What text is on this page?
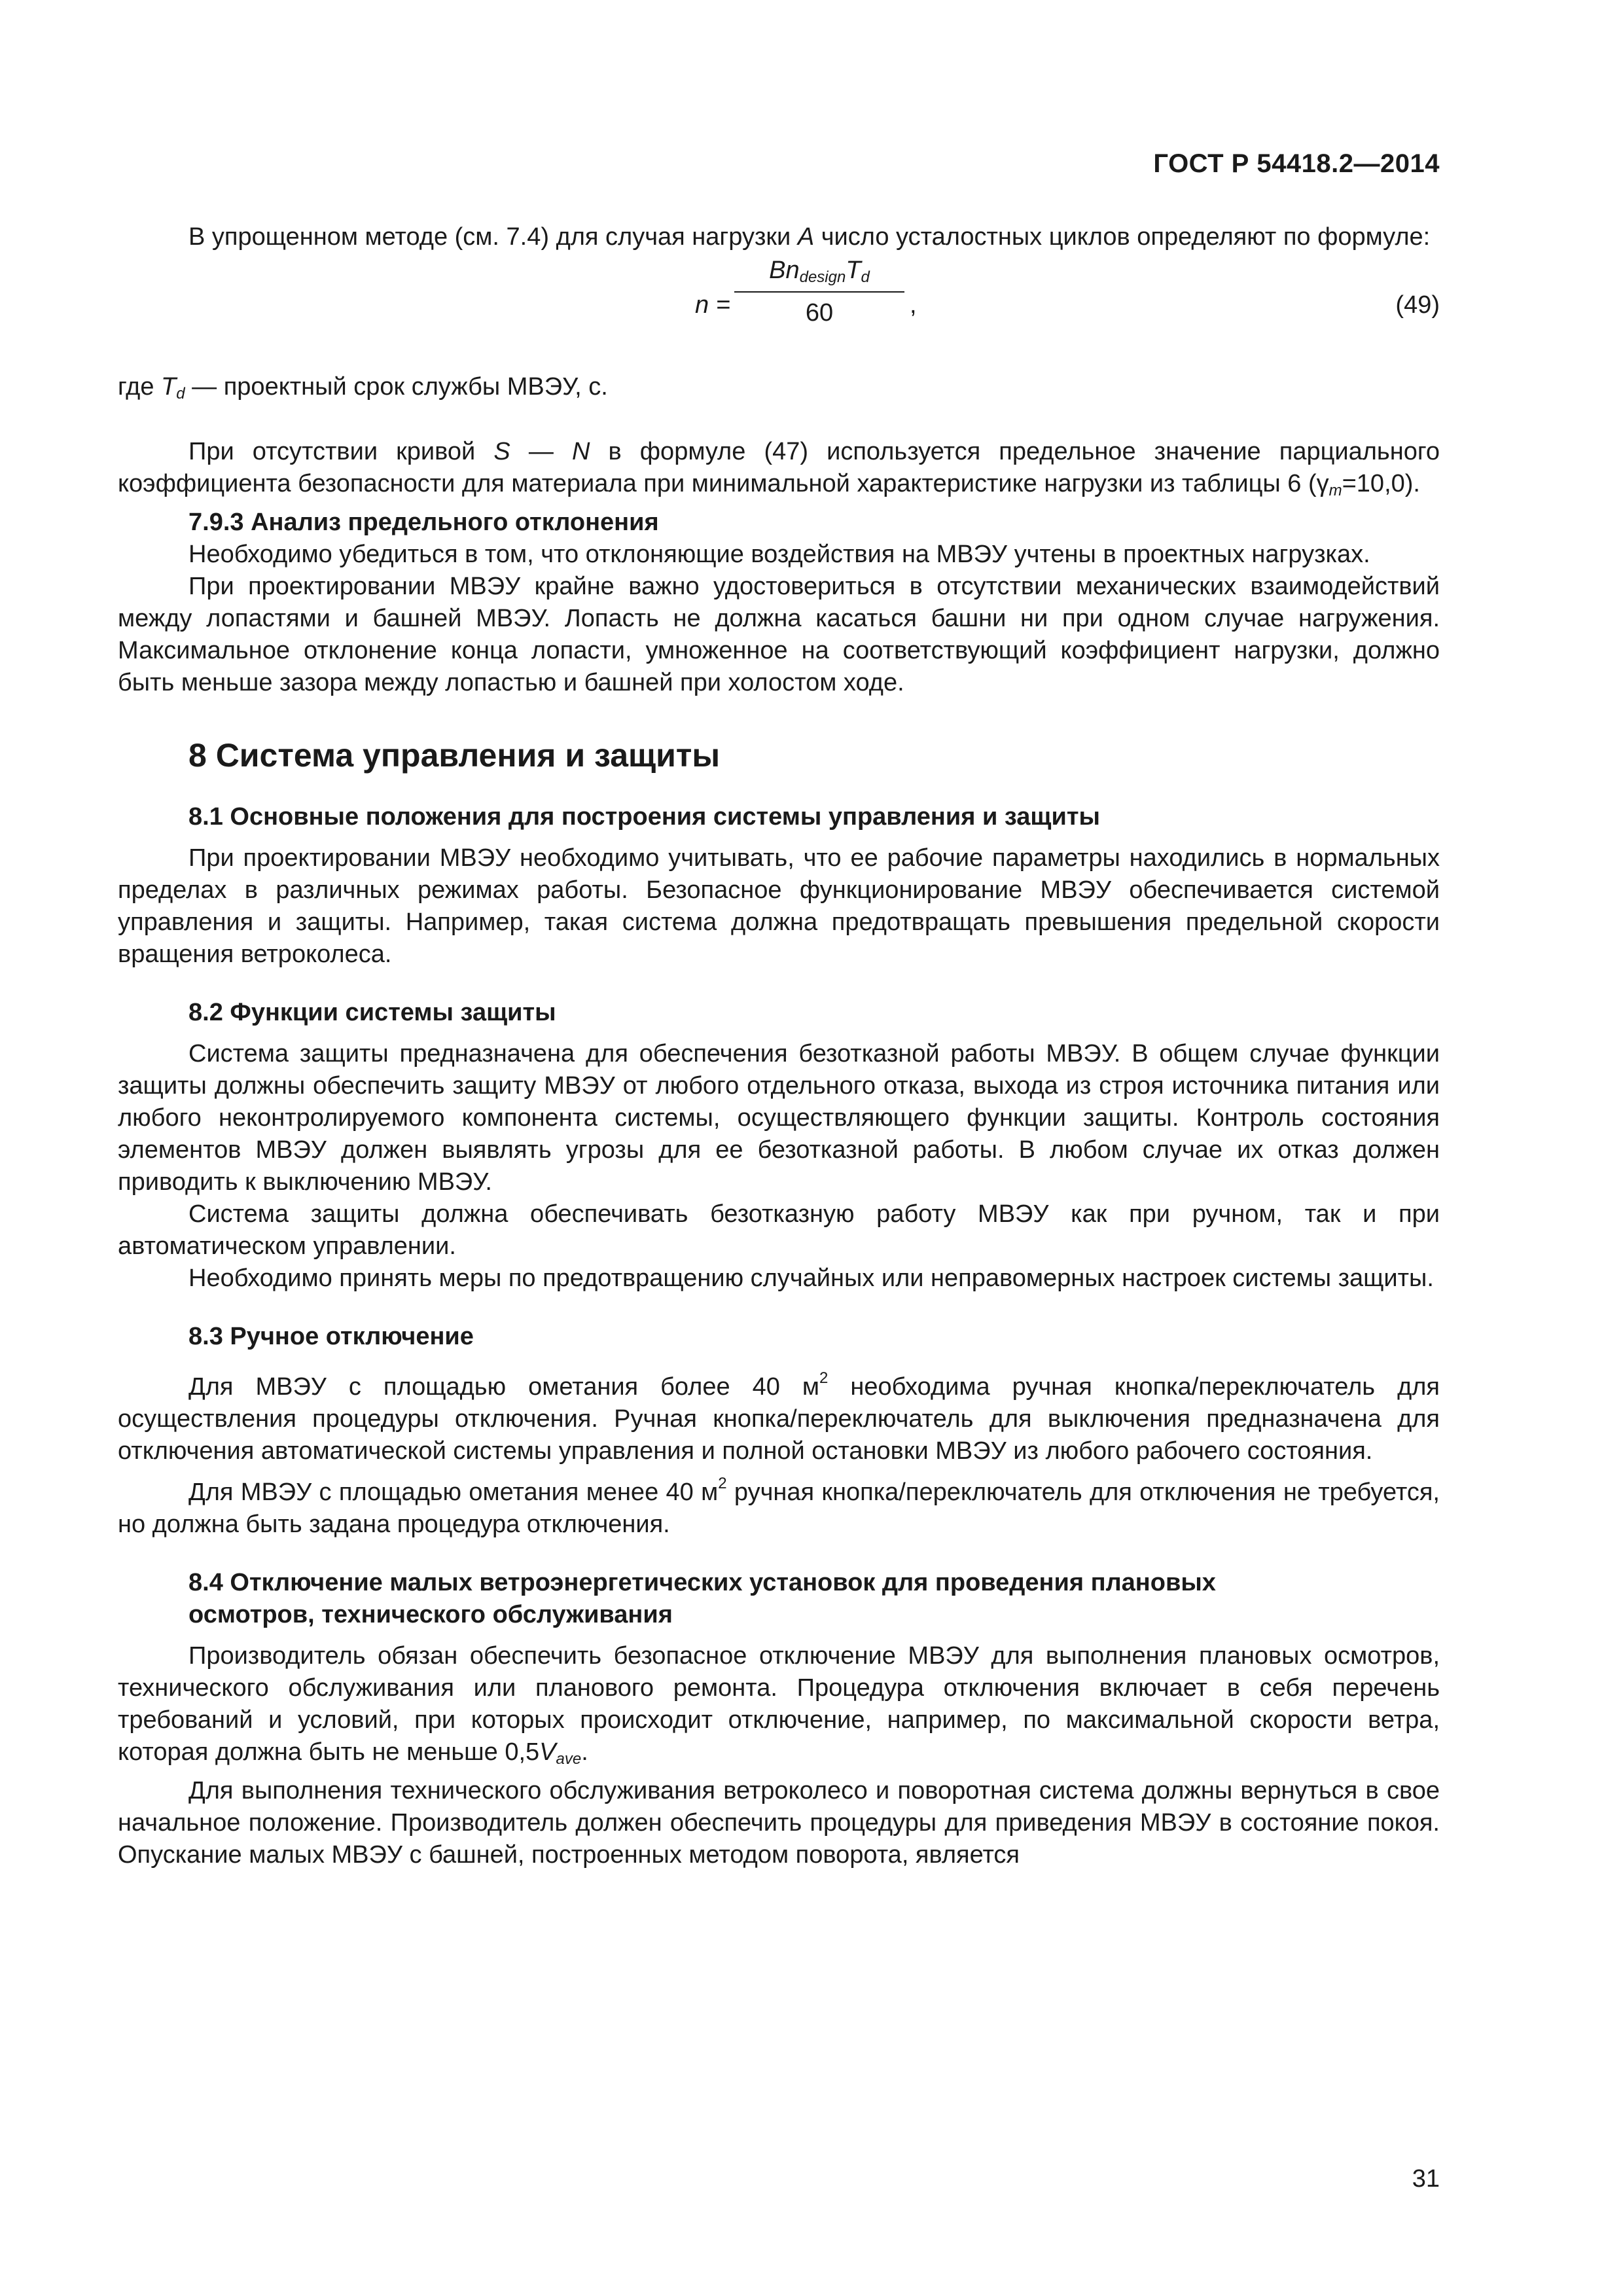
ГОСТ Р 54418.2—2014

В упрощенном методе (см. 7.4) для случая нагрузки A число усталостных циклов определяют по формуле:

n =
$Bn_{design}T_d$
60	,	(49)

где $T_d$ — проектный срок службы МВЭУ, с.

При отсутствии кривой S — N в формуле (47) используется предельное значение парциального коэффициента безопасности для материала при минимальной характеристике нагрузки из таблицы 6 $(\gamma_m=10,0)$.

7.9.3 Анализ предельного отклонения

Необходимо убедиться в том, что отклоняющие воздействия на МВЭУ учтены в проектных нагрузках.

При проектировании МВЭУ крайне важно удостовериться в отсутствии механических взаимодействий между лопастями и башней МВЭУ. Лопасть не должна касаться башни ни при одном случае нагружения. Максимальное отклонение конца лопасти, умноженное на соответствующий коэффициент нагрузки, должно быть меньше зазора между лопастью и башней при холостом ходе.

8 Система управления и защиты
8.1 Основные положения для построения системы управления и защиты

При проектировании МВЭУ необходимо учитывать, что ее рабочие параметры находились в нормальных пределах в различных режимах работы. Безопасное функционирование МВЭУ обеспечивается системой управления и защиты. Например, такая система должна предотвращать превышения предельной скорости вращения ветроколеса.

8.2 Функции системы защиты

Система защиты предназначена для обеспечения безотказной работы МВЭУ. В общем случае функции защиты должны обеспечить защиту МВЭУ от любого отдельного отказа, выхода из строя источника питания или любого неконтролируемого компонента системы, осуществляющего функции защиты. Контроль состояния элементов МВЭУ должен выявлять угрозы для ее безотказной работы. В любом случае их отказ должен приводить к выключению МВЭУ.

Система защиты должна обеспечивать безотказную работу МВЭУ как при ручном, так и при автоматическом управлении.

Необходимо принять меры по предотвращению случайных или неправомерных настроек системы защиты.

8.3 Ручное отключение

Для МВЭУ с площадью ометания более 40 $м^2$ необходима ручная кнопка/переключатель для осуществления процедуры отключения. Ручная кнопка/переключатель для выключения предназначена для отключения автоматической системы управления и полной остановки МВЭУ из любого рабочего состояния.

Для МВЭУ с площадью ометания менее 40 $м^2$ ручная кнопка/переключатель для отключения не требуется, но должна быть задана процедура отключения.

8.4 Отключение малых ветроэнергетических установок для проведения плановых
осмотров, технического обслуживания

Производитель обязан обеспечить безопасное отключение МВЭУ для выполнения плановых осмотров, технического обслуживания или планового ремонта. Процедура отключения включает в себя перечень требований и условий, при которых происходит отключение, например, по максимальной скорости ветра, которая должна быть не меньше $0,5V_{ave}$.

Для выполнения технического обслуживания ветроколесо и поворотная система должны вернуться в свое начальное положение. Производитель должен обеспечить процедуры для приведения МВЭУ в состояние покоя. Опускание малых МВЭУ с башней, построенных методом поворота, является

31
